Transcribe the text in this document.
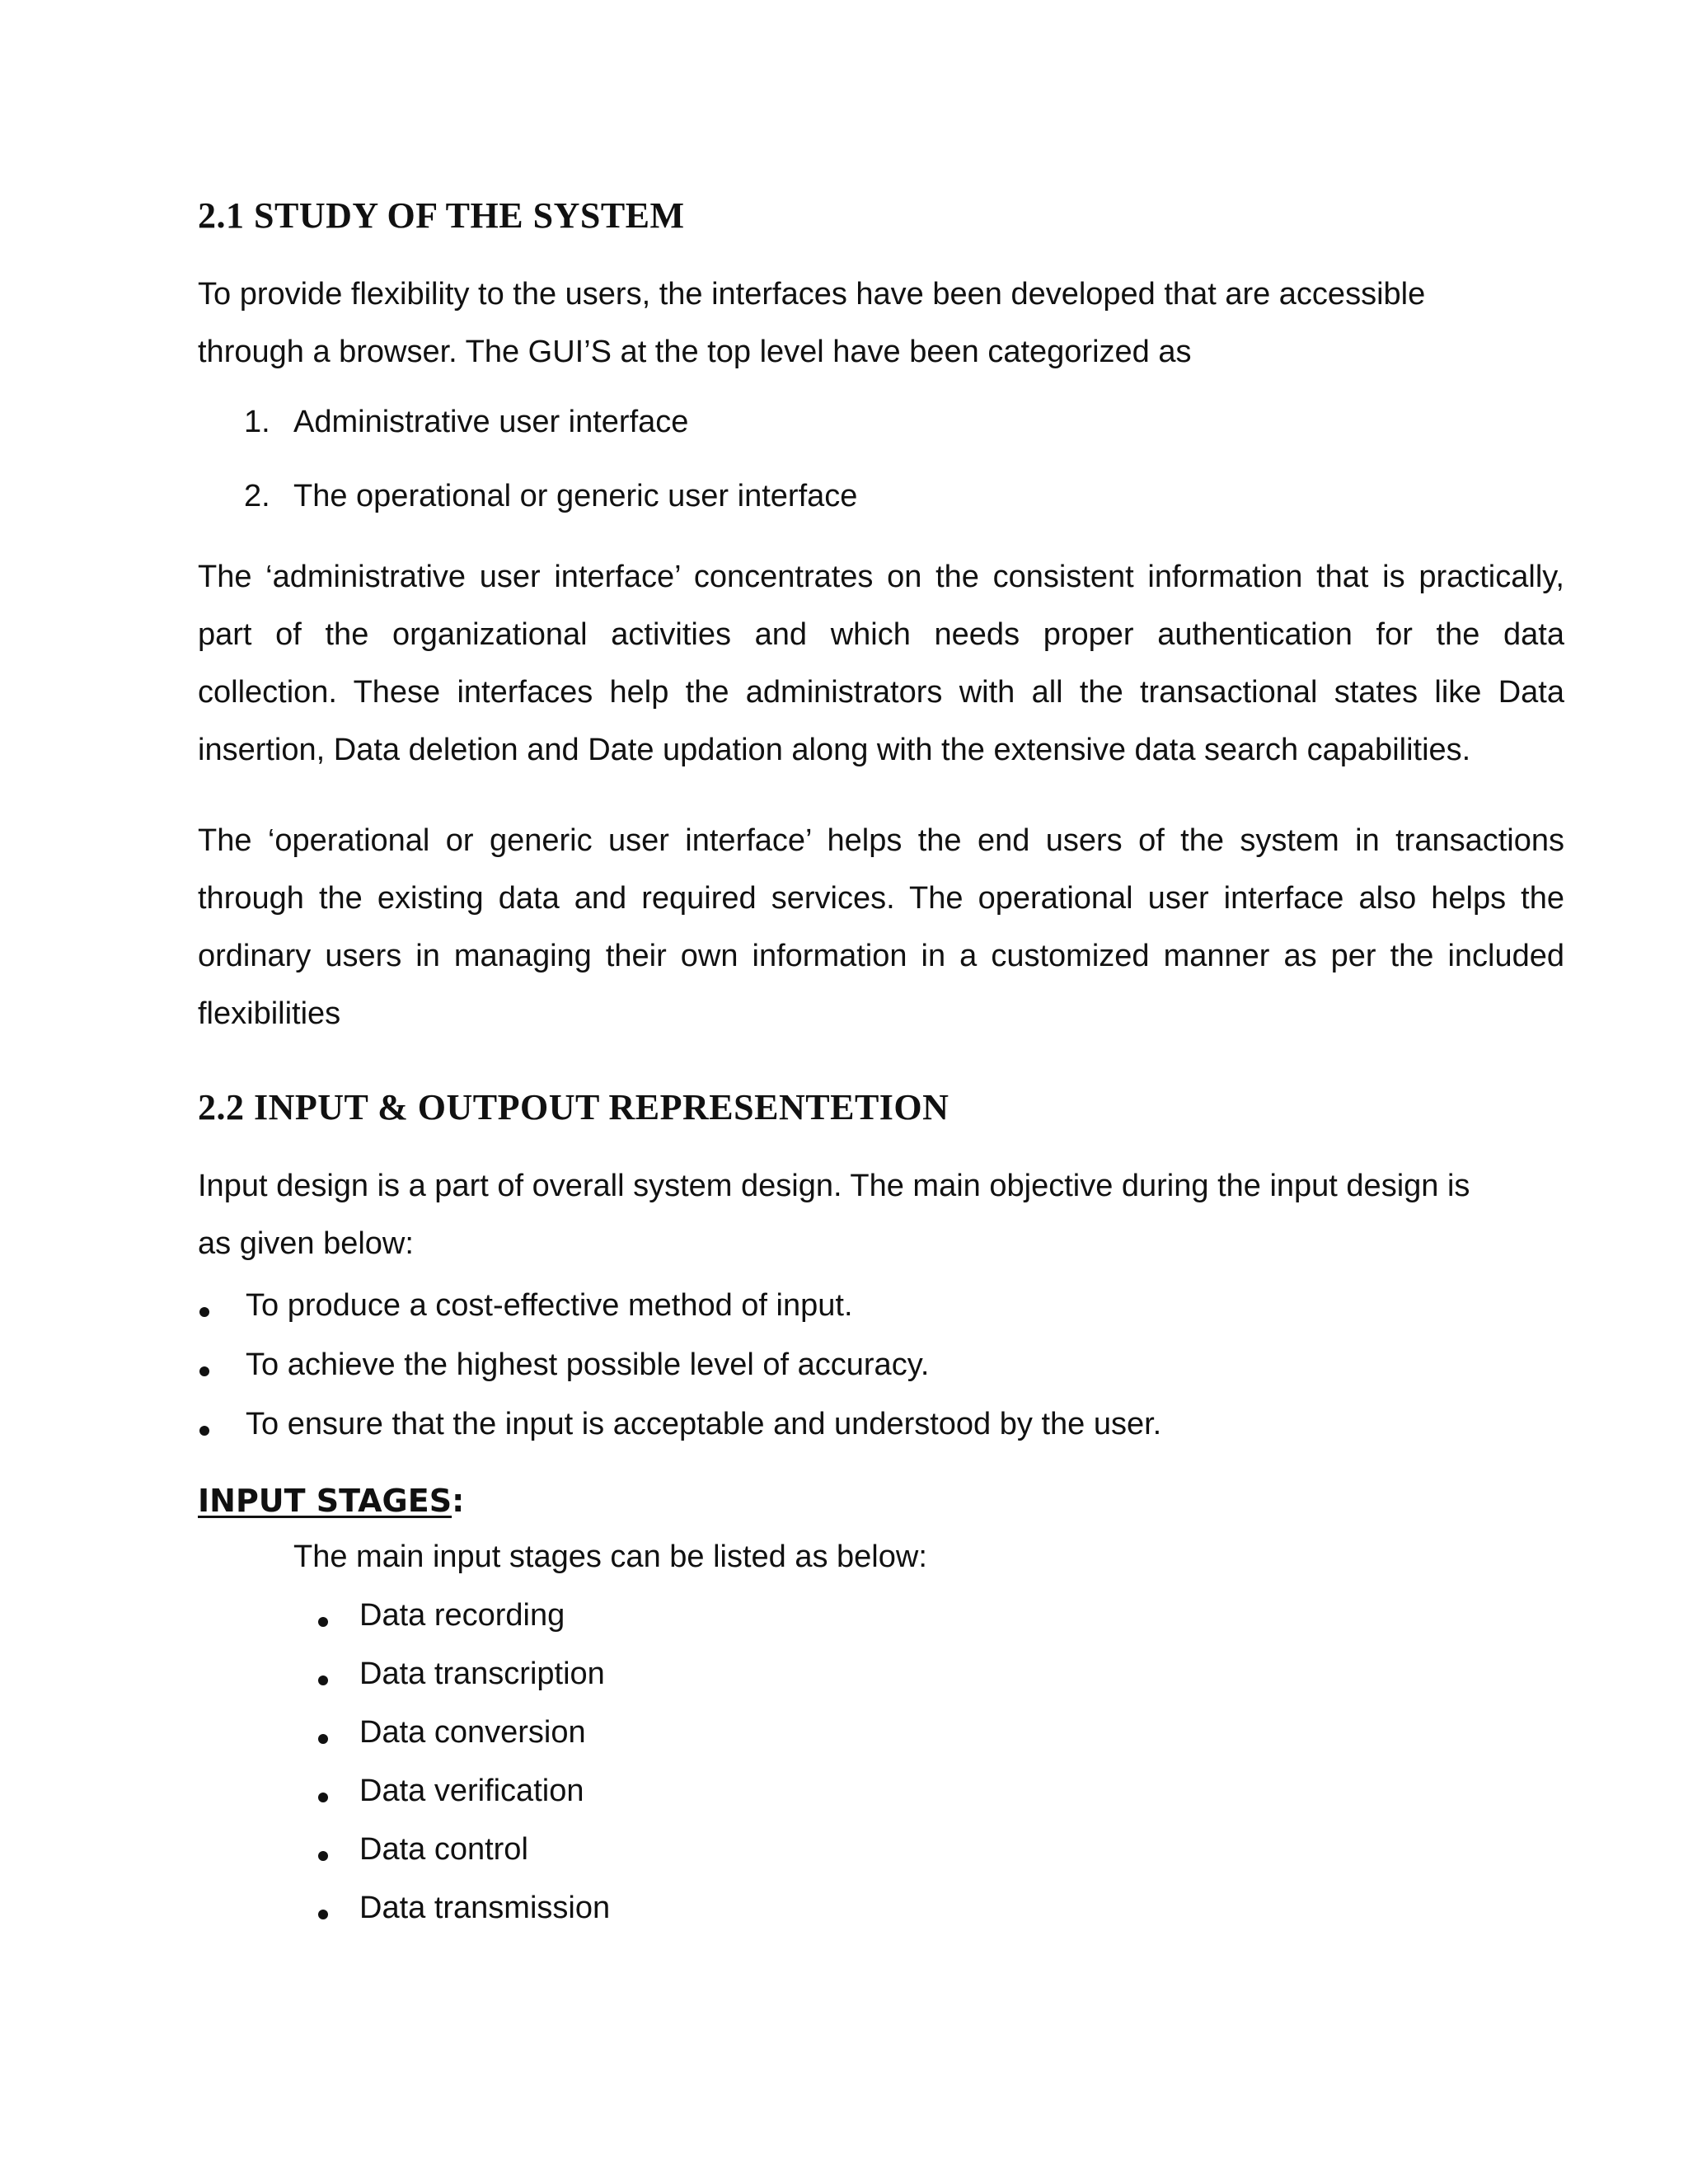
2.1 STUDY OF THE SYSTEM
To provide flexibility to the users, the interfaces have been developed that are accessible
through a browser. The GUI’S at the top level have been categorized as
1. Administrative user interface
2. The operational or generic user interface
The ‘administrative user interface’ concentrates on the consistent information that is practically,
part of the organizational activities and which needs proper authentication for the data
collection. These interfaces help the administrators with all the transactional states like Data
insertion, Data deletion and Date updation along with the extensive data search capabilities.
The ‘operational or generic user interface’ helps the end users of the system in transactions
through the existing data and required services. The operational user interface also helps the
ordinary users in managing their own information in a customized manner as per the included
flexibilities
2.2 INPUT & OUTPOUT REPRESENTETION
Input design is a part of overall system design. The main objective during the input design is
as given below:
To produce a cost-effective method of input.
To achieve the highest possible level of accuracy.
To ensure that the input is acceptable and understood by the user.
INPUT STAGES:
The main input stages can be listed as below:
Data recording
Data transcription
Data conversion
Data verification
Data control
Data transmission
